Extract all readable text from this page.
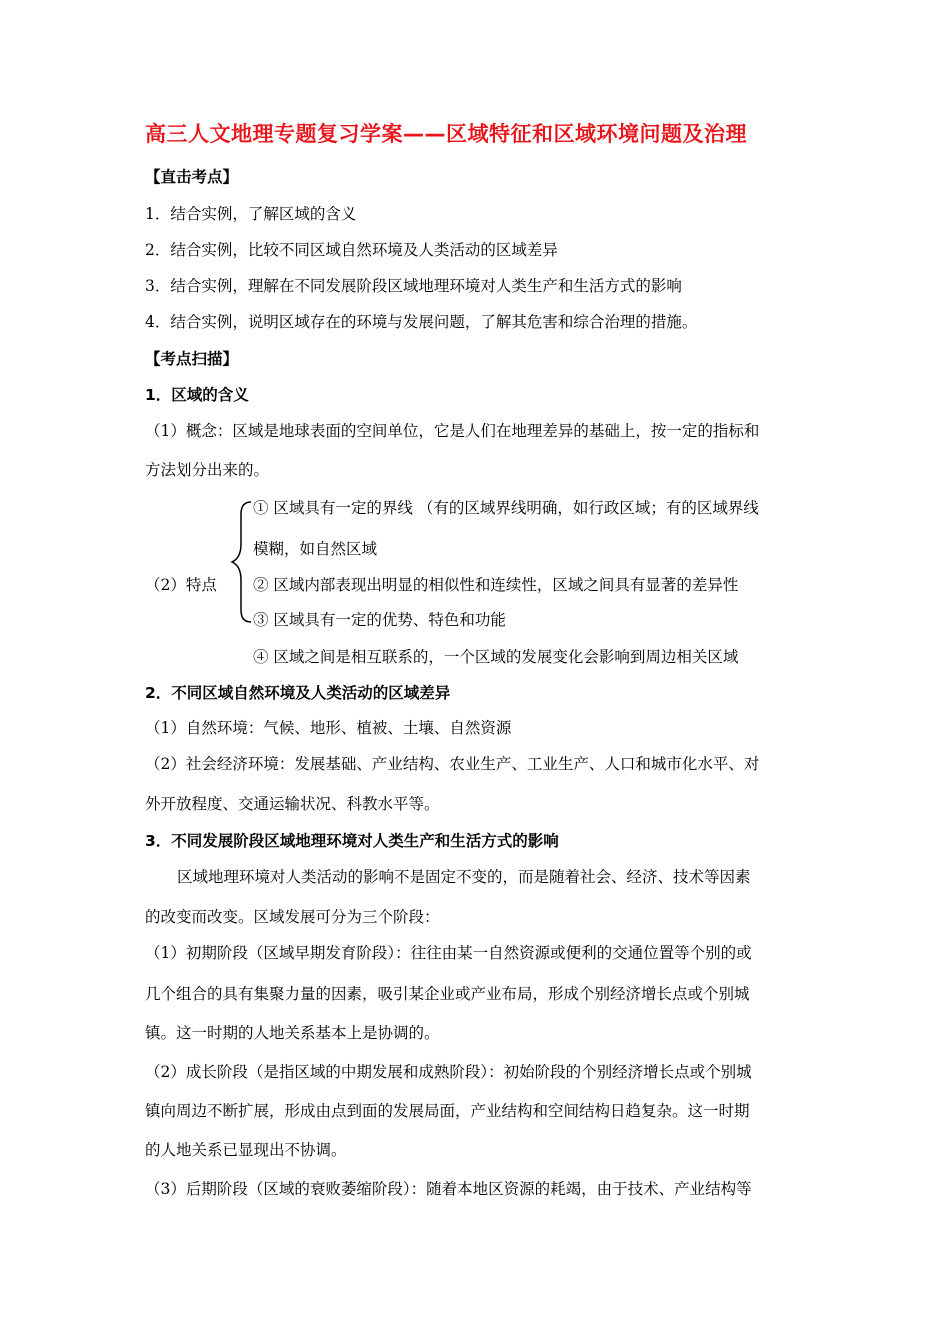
高三人文地理专题复习学案——区域特征和区域环境问题及治理
【直击考点】
1．结合实例，了解区域的含义
2．结合实例，比较不同区域自然环境及人类活动的区域差异
3．结合实例，理解在不同发展阶段区域地理环境对人类生产和生活方式的影响
4．结合实例，说明区域存在的环境与发展问题，了解其危害和综合治理的措施。
【考点扫描】
1．区域的含义
（1）概念：区域是地球表面的空间单位，它是人们在地理差异的基础上，按一定的指标和
方法划分出来的。
（2）特点
① 区域具有一定的界线 （有的区域界线明确，如行政区域；有的区域界线
模糊，如自然区域
② 区域内部表现出明显的相似性和连续性，区域之间具有显著的差异性
③ 区域具有一定的优势、特色和功能
④ 区域之间是相互联系的，一个区域的发展变化会影响到周边相关区域
2．不同区域自然环境及人类活动的区域差异
（1）自然环境：气候、地形、植被、土壤、自然资源
（2）社会经济环境：发展基础、产业结构、农业生产、工业生产、人口和城市化水平、对
外开放程度、交通运输状况、科教水平等。
3．不同发展阶段区域地理环境对人类生产和生活方式的影响
区域地理环境对人类活动的影响不是固定不变的，而是随着社会、经济、技术等因素
的改变而改变。区域发展可分为三个阶段：
（1）初期阶段（区域早期发育阶段）：往往由某一自然资源或便利的交通位置等个别的或
几个组合的具有集聚力量的因素，吸引某企业或产业布局，形成个别经济增长点或个别城
镇。这一时期的人地关系基本上是协调的。
（2）成长阶段（是指区域的中期发展和成熟阶段）：初始阶段的个别经济增长点或个别城
镇向周边不断扩展，形成由点到面的发展局面，产业结构和空间结构日趋复杂。这一时期
的人地关系已显现出不协调。
（3）后期阶段（区域的衰败萎缩阶段）：随着本地区资源的耗竭，由于技术、产业结构等
